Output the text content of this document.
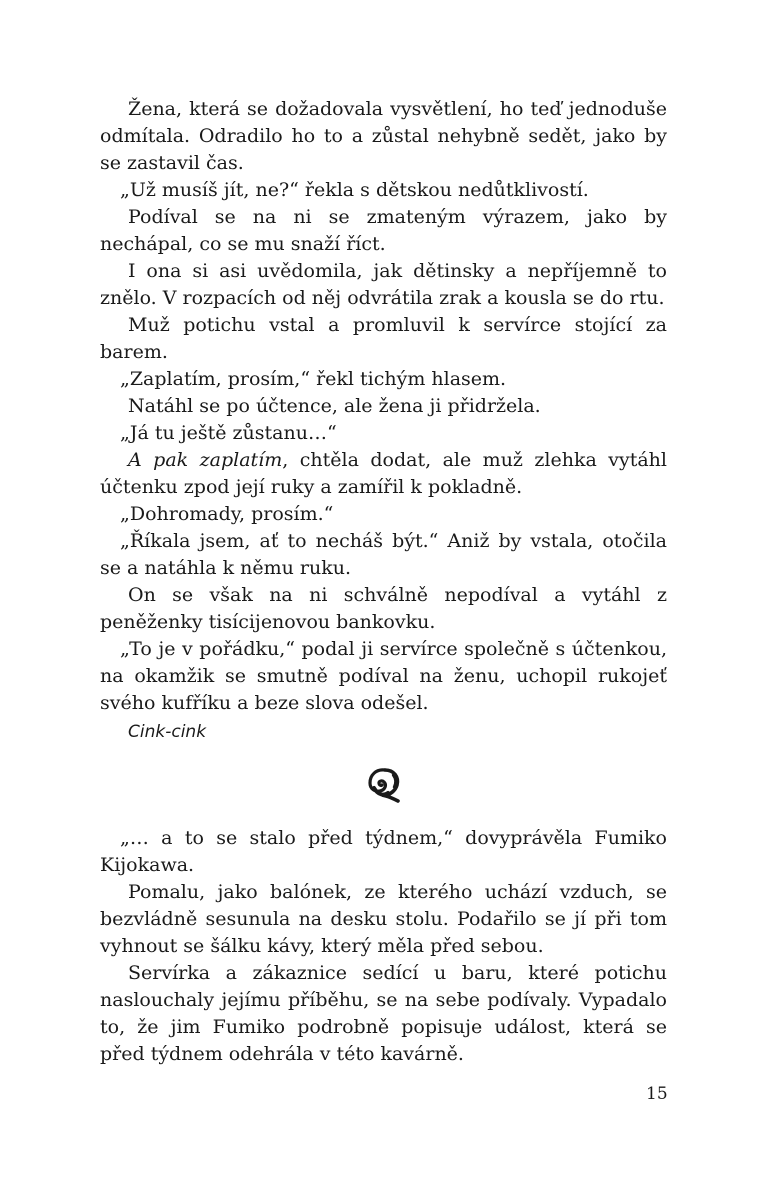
Žena, která se dožadovala vysvětlení, ho teď jednoduše odmítala. Odradilo ho to a zůstal nehybně sedět, jako by se zastavil čas.

„Už musíš jít, ne?“ řekla s dětskou nedůtklivostí.

Podíval se na ni se zmateným výrazem, jako by nechápal, co se mu snaží říct.

I ona si asi uvědomila, jak dětinsky a nepříjemně to znělo. V rozpacích od něj odvrátila zrak a kousla se do rtu.

Muž potichu vstal a promluvil k servírce stojící za barem.

„Zaplatím, prosím,“ řekl tichým hlasem.

Natáhl se po účtence, ale žena ji přidržela.

„Já tu ještě zůstanu…“

A pak zaplatím, chtěla dodat, ale muž zlehka vytáhl účtenku zpod její ruky a zamířil k pokladně.

„Dohromady, prosím.“

„Říkala jsem, ať to necháš být.“ Aniž by vstala, otočila se a natáhla k němu ruku.

On se však na ni schválně nepodíval a vytáhl z peněženky tisícijenovou bankovku.

„To je v pořádku,“ podal ji servírce společně s účtenkou, na okamžik se smutně podíval na ženu, uchopil rukojeť svého kufříku a beze slova odešel.

Cink-cink

„… a to se stalo před týdnem,“ dovyprávěla Fumiko Kijokawa.

Pomalu, jako balónek, ze kterého uchází vzduch, se bezvládně sesunula na desku stolu. Podařilo se jí při tom vyhnout se šálku kávy, který měla před sebou.

Servírka a zákaznice sedící u baru, které potichu naslouchaly jejímu příběhu, se na sebe podívaly. Vypadalo to, že jim Fumiko podrobně popisuje událost, která se před týdnem odehrála v této kavárně.

15
